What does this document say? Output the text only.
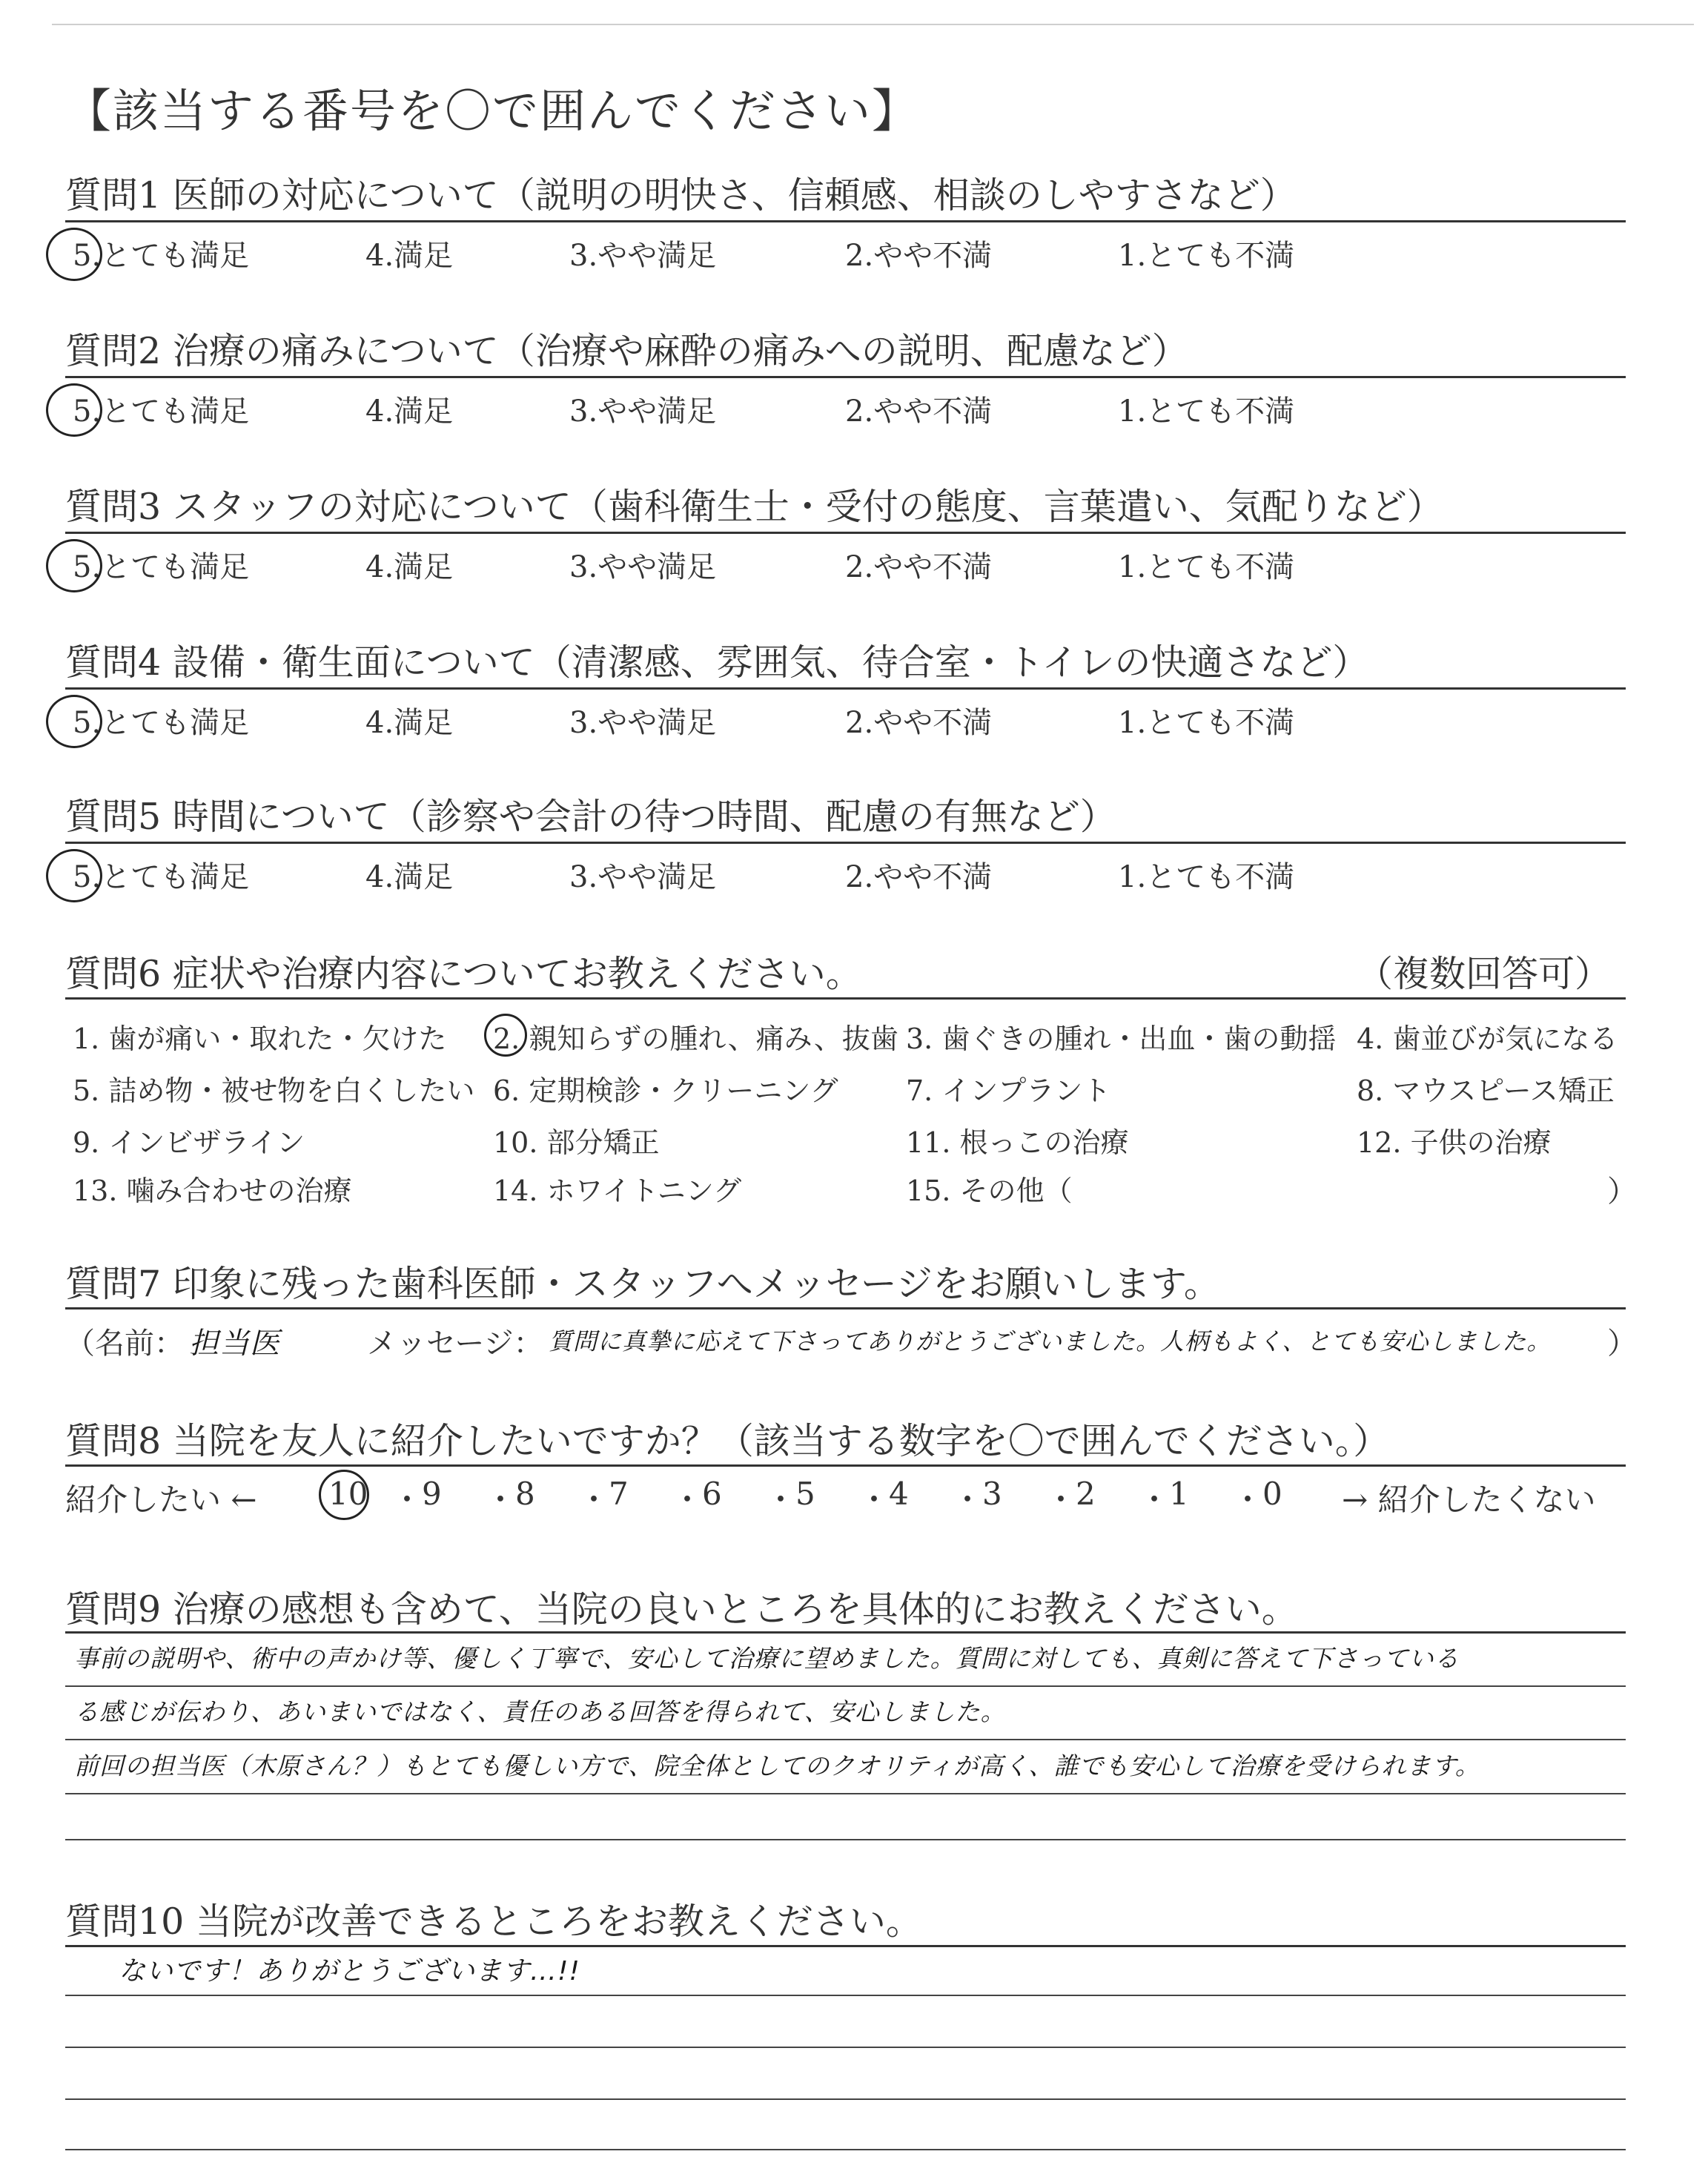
【該当する番号を〇で囲んでください】
質問1 医師の対応について（説明の明快さ、信頼感、相談のしやすさなど）
5.とても満足	4.満足	3.やや満足	2.やや不満	1.とても不満
質問2 治療の痛みについて（治療や麻酔の痛みへの説明、配慮など）
5.とても満足	4.満足	3.やや満足	2.やや不満	1.とても不満
質問3 スタッフの対応について（歯科衛生士・受付の態度、言葉遣い、気配りなど）
5.とても満足	4.満足	3.やや満足	2.やや不満	1.とても不満
質問4 設備・衛生面について（清潔感、雰囲気、待合室・トイレの快適さなど）
5.とても満足	4.満足	3.やや満足	2.やや不満	1.とても不満
質問5 時間について（診察や会計の待つ時間、配慮の有無など）
5.とても満足	4.満足	3.やや満足	2.やや不満	1.とても不満
質問6 症状や治療内容についてお教えください。	（複数回答可）
1. 歯が痛い・取れた・欠けた 2. 親知らずの腫れ、痛み、抜歯 3. 歯ぐきの腫れ・出血・歯の動揺 4. 歯並びが気になる
5. 詰め物・被せ物を白くしたい 6. 定期検診・クリーニング 7. インプラント	8. マウスピース矯正
9. インビザライン	10. 部分矯正	11. 根っこの治療	12. 子供の治療
13. 噛み合わせの治療	14. ホワイトニング	15. その他（	）
質問7 印象に残った歯科医師・スタッフへメッセージをお願いします。
（名前： 担当医	メッセージ： 質問に真摯に応えて下さってありがとうございました。人柄もよく、とても安心しました。 ）
質問8 当院を友人に紹介したいですか？（該当する数字を〇で囲んでください。）
紹介したい ← 10 ・
9 ・
8 ・
7 ・
6 ・
5 ・
4 ・
3 ・
2 ・
1 ・
0 → 紹介したくない
質問9 治療の感想も含めて、当院の良いところを具体的にお教えください。
事前の説明や、術中の声かけ等、優しく丁寧で、安心して治療に望めました。質問に対しても、真剣に答えて下さっている
る感じが伝わり、あいまいではなく、責任のある回答を得られて、安心しました。
前回の担当医（木原さん？）もとても優しい方で、院全体としてのクオリティが高く、誰でも安心して治療を受けられます。
質問10 当院が改善できるところをお教えください。
ないです！ありがとうございます…!!
